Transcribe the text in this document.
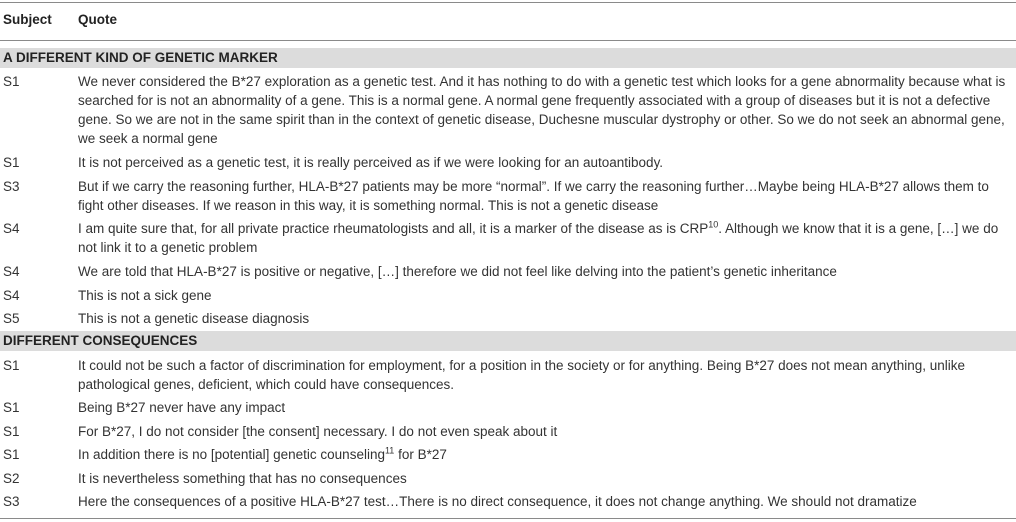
Subject Quote
A DIFFERENT KIND OF GENETIC MARKER
S1	We never considered the B*27 exploration as a genetic test. And it has nothing to do with a genetic test which looks for a gene abnormality because what is searched for is not an abnormality of a gene. This is a normal gene. A normal gene frequently associated with a group of diseases but it is not a defective gene. So we are not in the same spirit than in the context of genetic disease, Duchesne muscular dystrophy or other. So we do not seek an abnormal gene, we seek a normal gene
S1	It is not perceived as a genetic test, it is really perceived as if we were looking for an autoantibody.
S3	But if we carry the reasoning further, HLA-B*27 patients may be more “normal”. If we carry the reasoning further…Maybe being HLA-B*27 allows them to fight other diseases. If we reason in this way, it is something normal. This is not a genetic disease
S4	I am quite sure that, for all private practice rheumatologists and all, it is a marker of the disease as is CRP$^{10}$. Although we know that it is a gene, […] we do not link it to a genetic problem
S4	We are told that HLA-B*27 is positive or negative, […] therefore we did not feel like delving into the patient’s genetic inheritance
S4	This is not a sick gene
S5	This is not a genetic disease diagnosis
DIFFERENT CONSEQUENCES
S1	It could not be such a factor of discrimination for employment, for a position in the society or for anything. Being B*27 does not mean anything, unlike pathological genes, deficient, which could have consequences.
S1	Being B*27 never have any impact
S1	For B*27, I do not consider [the consent] necessary. I do not even speak about it
S1	In addition there is no [potential] genetic counseling$^{11}$ for B*27
S2	It is nevertheless something that has no consequences
S3	Here the consequences of a positive HLA-B*27 test…There is no direct consequence, it does not change anything. We should not dramatize
